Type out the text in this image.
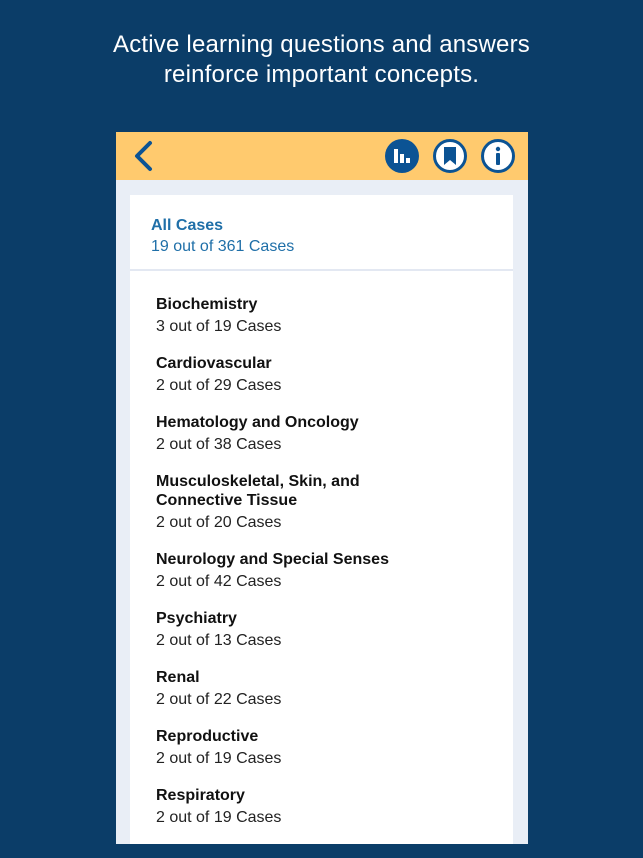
Active learning questions and answers
reinforce important concepts.
All Cases
19 out of 361 Cases
Biochemistry
3 out of 19 Cases
Cardiovascular
2 out of 29 Cases
Hematology and Oncology
2 out of 38 Cases
Musculoskeletal, Skin, and Connective Tissue
2 out of 20 Cases
Neurology and Special Senses
2 out of 42 Cases
Psychiatry
2 out of 13 Cases
Renal
2 out of 22 Cases
Reproductive
2 out of 19 Cases
Respiratory
2 out of 19 Cases
